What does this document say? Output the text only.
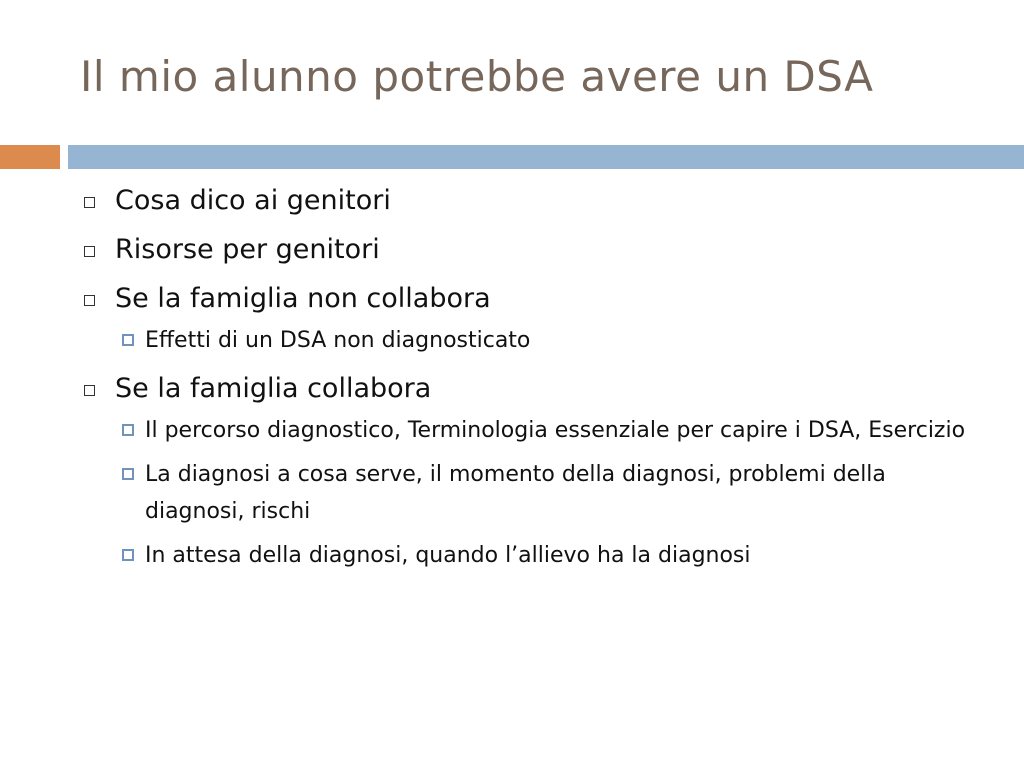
Il mio alunno potrebbe avere un DSA
Cosa dico ai genitori
Risorse per genitori
Se la famiglia non collabora
Effetti di un DSA non diagnosticato
Se la famiglia collabora
Il percorso diagnostico, Terminologia essenziale per capire i DSA, Esercizio
La diagnosi a cosa serve, il momento della diagnosi, problemi della diagnosi, rischi
In attesa della diagnosi, quando l’allievo ha la diagnosi
